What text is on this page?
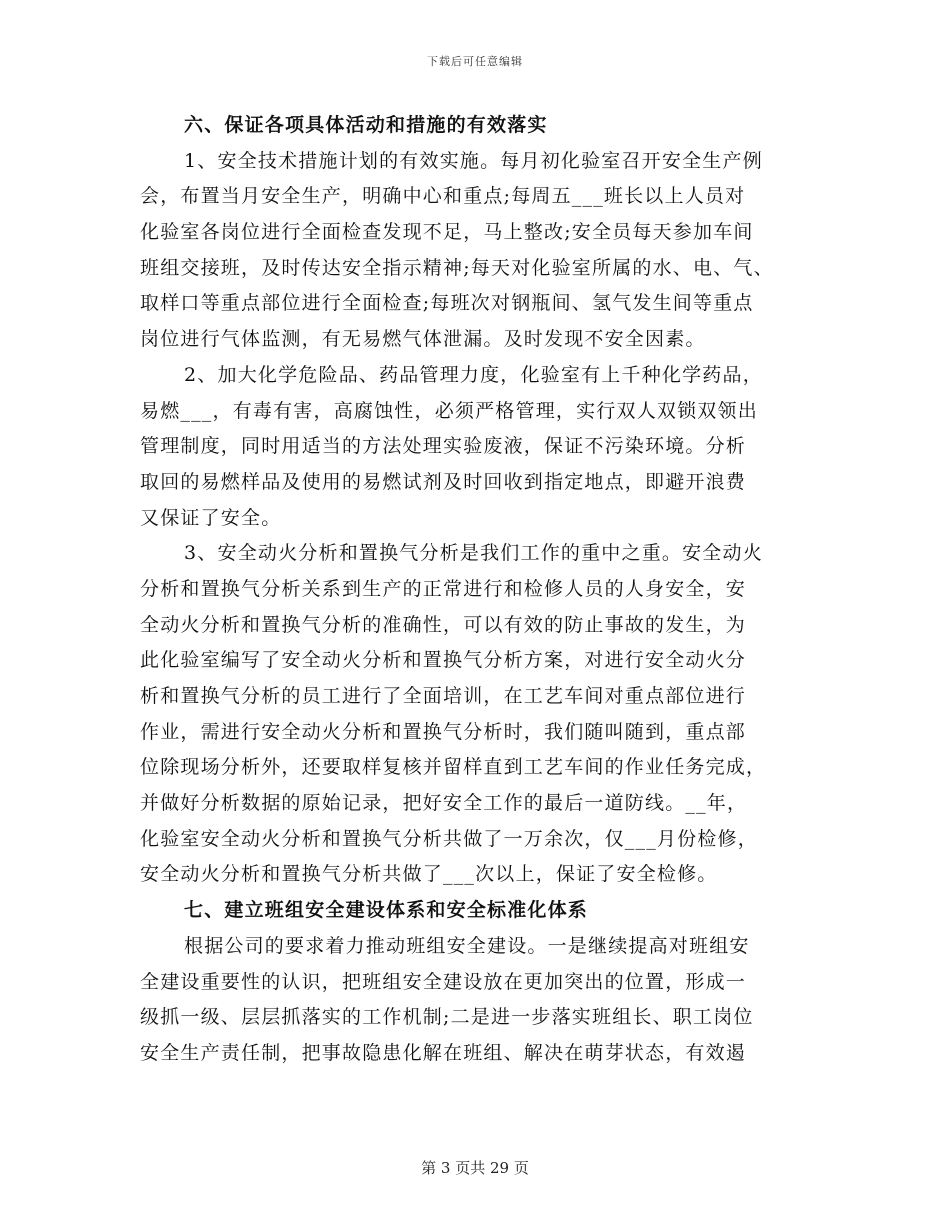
下载后可任意编辑
六、保证各项具体活动和措施的有效落实
1、安全技术措施计划的有效实施。每月初化验室召开安全生产例
会，布置当月安全生产，明确中心和重点;每周五___班长以上人员对
化验室各岗位进行全面检查发现不足，马上整改;安全员每天参加车间
班组交接班，及时传达安全指示精神;每天对化验室所属的水、电、气、
取样口等重点部位进行全面检查;每班次对钢瓶间、氢气发生间等重点
岗位进行气体监测，有无易燃气体泄漏。及时发现不安全因素。
2、加大化学危险品、药品管理力度，化验室有上千种化学药品，
易燃___，有毒有害，高腐蚀性，必须严格管理，实行双人双锁双领出
管理制度，同时用适当的方法处理实验废液，保证不污染环境。分析
取回的易燃样品及使用的易燃试剂及时回收到指定地点，即避开浪费
又保证了安全。
3、安全动火分析和置换气分析是我们工作的重中之重。安全动火
分析和置换气分析关系到生产的正常进行和检修人员的人身安全，安
全动火分析和置换气分析的准确性，可以有效的防止事故的发生，为
此化验室编写了安全动火分析和置换气分析方案，对进行安全动火分
析和置换气分析的员工进行了全面培训，在工艺车间对重点部位进行
作业，需进行安全动火分析和置换气分析时，我们随叫随到，重点部
位除现场分析外，还要取样复核并留样直到工艺车间的作业任务完成，
并做好分析数据的原始记录，把好安全工作的最后一道防线。__年，
化验室安全动火分析和置换气分析共做了一万余次，仅___月份检修，
安全动火分析和置换气分析共做了___次以上，保证了安全检修。
七、建立班组安全建设体系和安全标准化体系
根据公司的要求着力推动班组安全建设。一是继续提高对班组安
全建设重要性的认识，把班组安全建设放在更加突出的位置，形成一
级抓一级、层层抓落实的工作机制;二是进一步落实班组长、职工岗位
安全生产责任制，把事故隐患化解在班组、解决在萌芽状态，有效遏
第 3 页共 29 页
